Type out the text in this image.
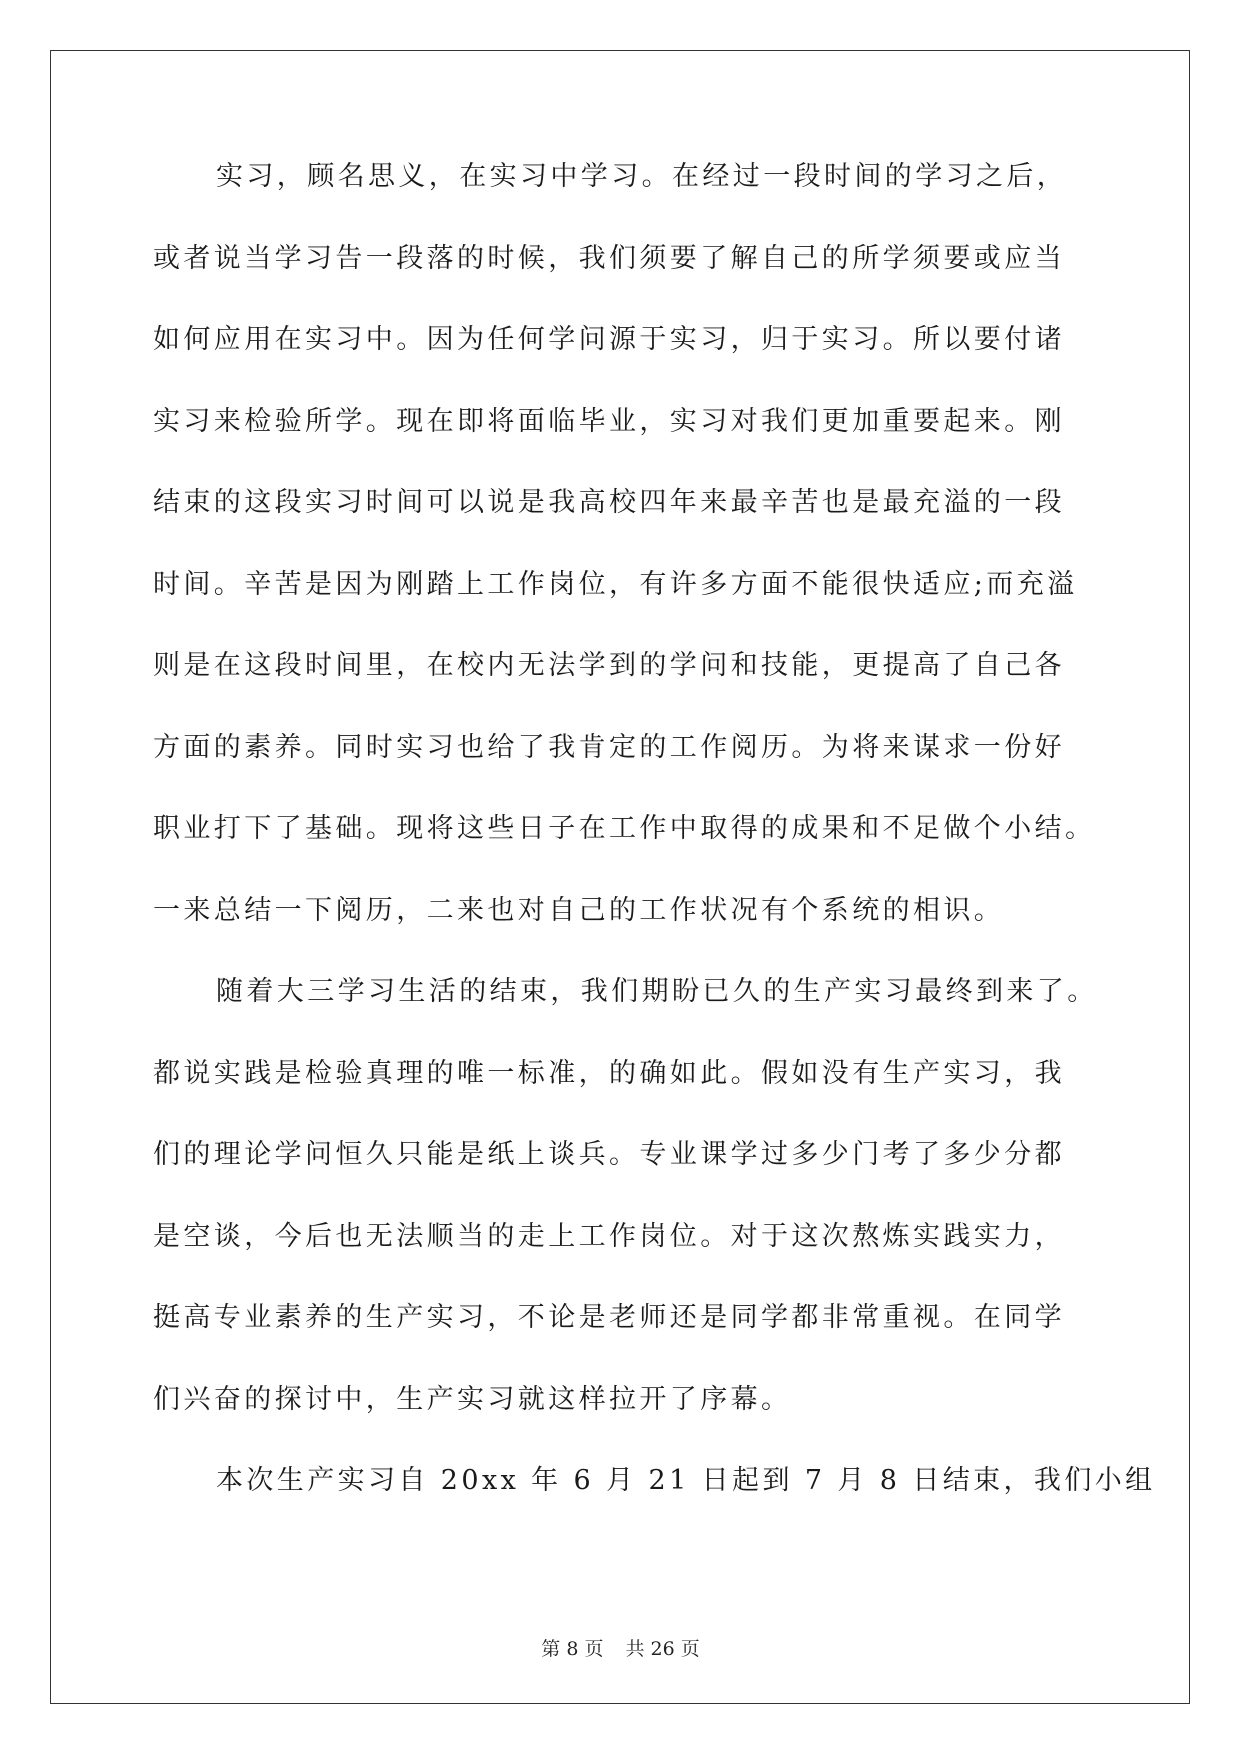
实习，顾名思义，在实习中学习。在经过一段时间的学习之后，
或者说当学习告一段落的时候，我们须要了解自己的所学须要或应当
如何应用在实习中。因为任何学问源于实习，归于实习。所以要付诸
实习来检验所学。现在即将面临毕业，实习对我们更加重要起来。刚
结束的这段实习时间可以说是我高校四年来最辛苦也是最充溢的一段
时间。辛苦是因为刚踏上工作岗位，有许多方面不能很快适应;而充溢
则是在这段时间里，在校内无法学到的学问和技能，更提高了自己各
方面的素养。同时实习也给了我肯定的工作阅历。为将来谋求一份好
职业打下了基础。现将这些日子在工作中取得的成果和不足做个小结。
一来总结一下阅历，二来也对自己的工作状况有个系统的相识。
随着大三学习生活的结束，我们期盼已久的生产实习最终到来了。
都说实践是检验真理的唯一标准，的确如此。假如没有生产实习，我
们的理论学问恒久只能是纸上谈兵。专业课学过多少门考了多少分都
是空谈，今后也无法顺当的走上工作岗位。对于这次熬炼实践实力，
挺高专业素养的生产实习，不论是老师还是同学都非常重视。在同学
们兴奋的探讨中，生产实习就这样拉开了序幕。
本次生产实习自 20xx 年 6 月 21 日起到 7 月 8 日结束，我们小组
第 8 页 共 26 页
